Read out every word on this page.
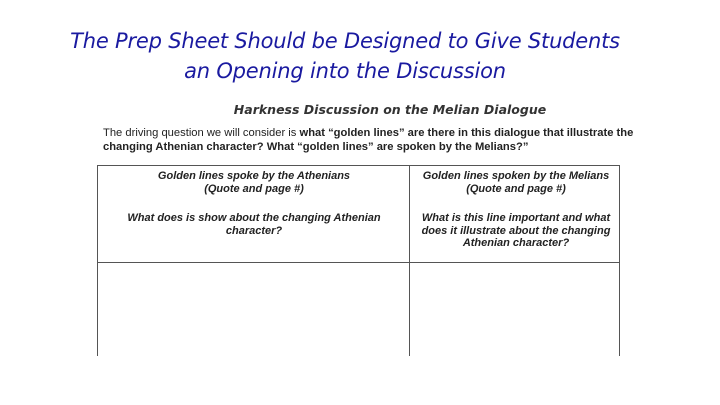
The Prep Sheet Should be Designed to Give Students
an Opening into the Discussion
Harkness Discussion on the Melian Dialogue
The driving question we will consider is what “golden lines” are there in this dialogue that illustrate the changing Athenian character? What “golden lines” are spoken by the Melians?”
Golden lines spoke by the Athenians
(Quote and page #)
What does is show about the changing Athenian character?
Golden lines spoken by the Melians
(Quote and page #)
What is this line important and what does it illustrate about the changing Athenian character?
